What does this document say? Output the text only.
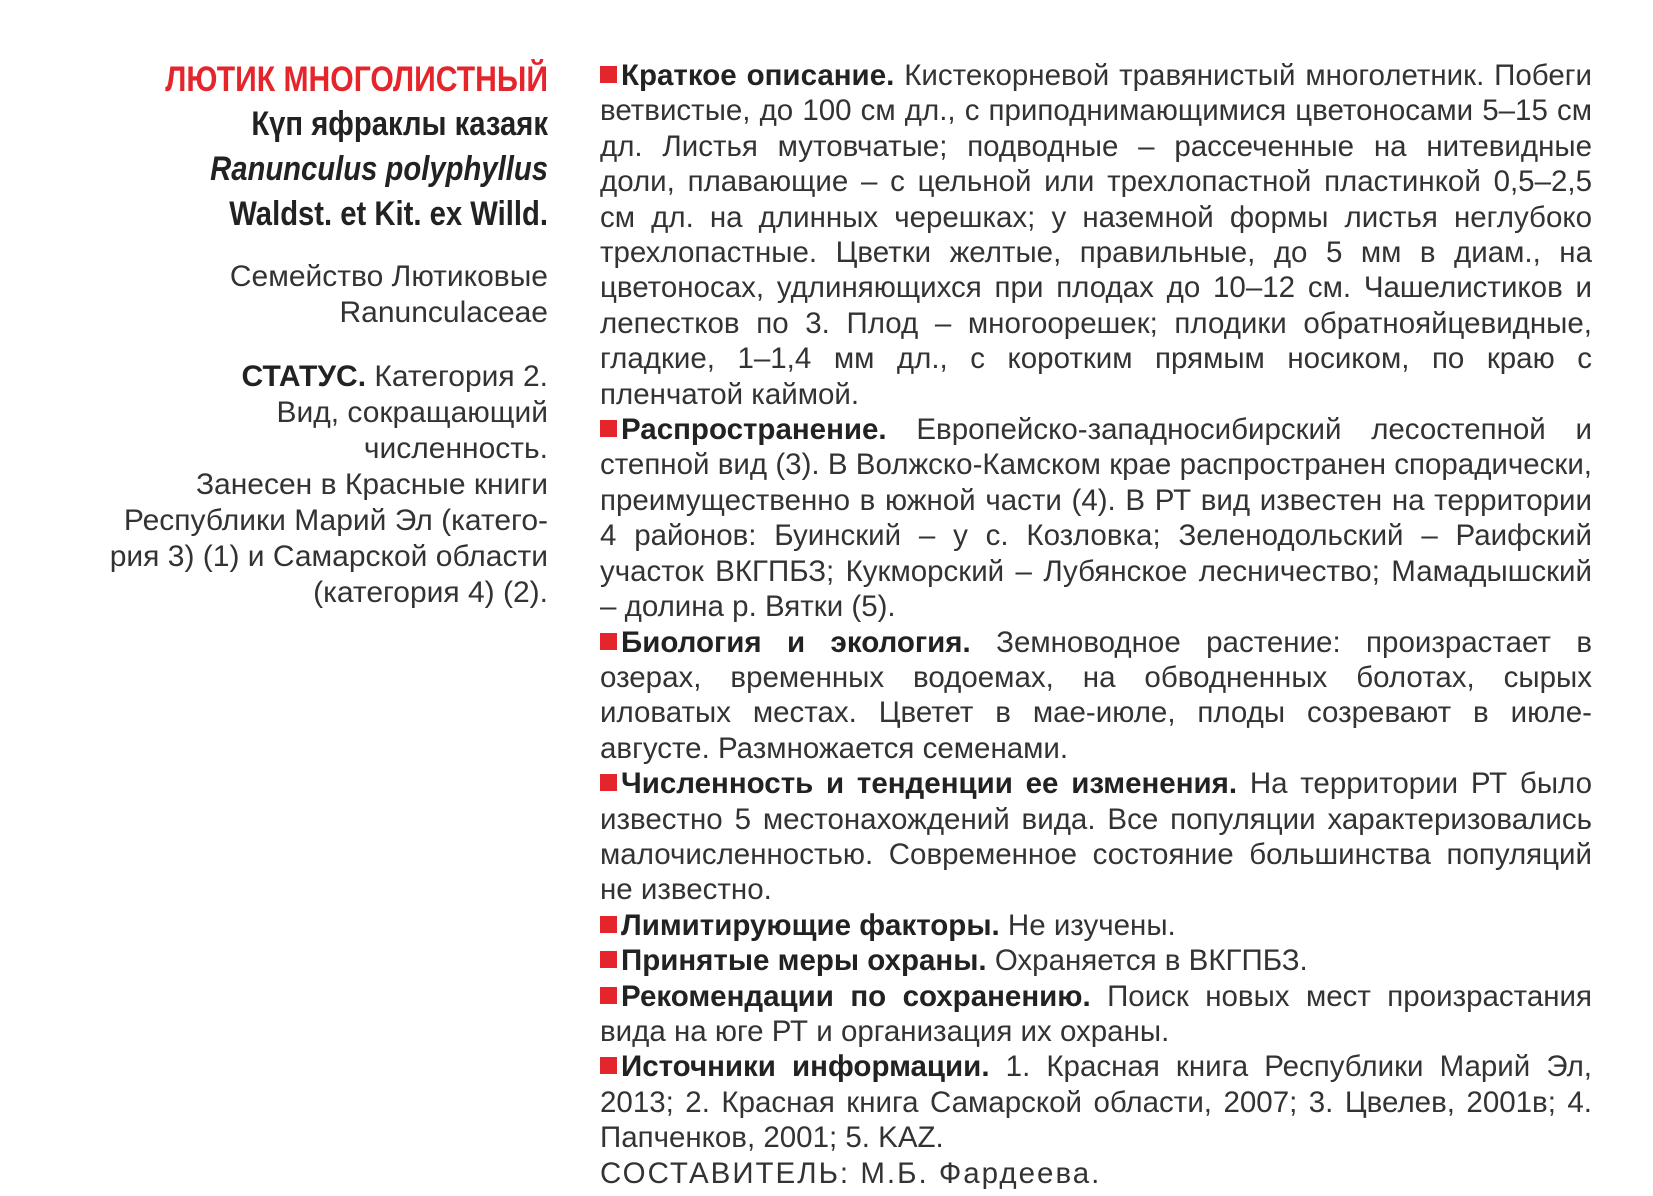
ЛЮТИК МНОГОЛИСТНЫЙ
Күп яфраклы казаяк
Ranunculus polyphyllus
Waldst. et Kit. ex Willd.
Семейство Лютиковые
Ranunculaceae
СТАТУС. Категория 2.
Вид, сокращающий
численность.
Занесен в Красные книги
Республики Марий Эл (катего-
рия 3) (1) и Самарской области
(категория 4) (2).

Краткое описание. Кистекорневой травянистый многолетник. Побеги ветвистые, до 100 см дл., с приподнимающимися цветоносами 5–15 см дл. Листья мутовчатые; подводные – рассеченные на нитевидные доли, плавающие – с цельной или трехлопастной пластинкой 0,5–2,5 см дл. на длинных черешках; у наземной формы листья неглубоко трехлопастные. Цветки желтые, правильные, до 5 мм в диам., на цветоносах, удлиняющихся при плодах до 10–12 см. Чашелистиков и лепестков по 3. Плод – многоорешек; плодики обратнояйцевидные, гладкие, 1–1,4 мм дл., с коротким прямым носиком, по краю с пленчатой каймой.

Распространение. Европейско-западносибирский лесостепной и степной вид (3). В Волжско-Камском крае распространен спорадически, преимущественно в южной части (4). В РТ вид известен на территории 4 районов: Буинский – у с. Козловка; Зеленодольский – Раифский участок ВКГПБЗ; Кукморский – Лубянское лесничество; Мамадышский – долина р. Вятки (5).

Биология и экология. Земноводное растение: произрастает в озерах, временных водоемах, на обводненных болотах, сырых иловатых местах. Цветет в мае-июле, плоды созревают в июле-августе. Размножается семенами.

Численность и тенденции ее изменения. На территории РТ было известно 5 местонахождений вида. Все популяции характеризовались малочисленностью. Современное состояние большинства популяций не известно.

Лимитирующие факторы. Не изучены.

Принятые меры охраны. Охраняется в ВКГПБЗ.

Рекомендации по сохранению. Поиск новых мест произрастания вида на юге РТ и организация их охраны.

Источники информации. 1. Красная книга Республики Марий Эл, 2013; 2. Красная книга Самарской области, 2007; 3. Цвелев, 2001в; 4. Папченков, 2001; 5. KAZ.

СОСТАВИТЕЛЬ: М.Б. Фардеева.
